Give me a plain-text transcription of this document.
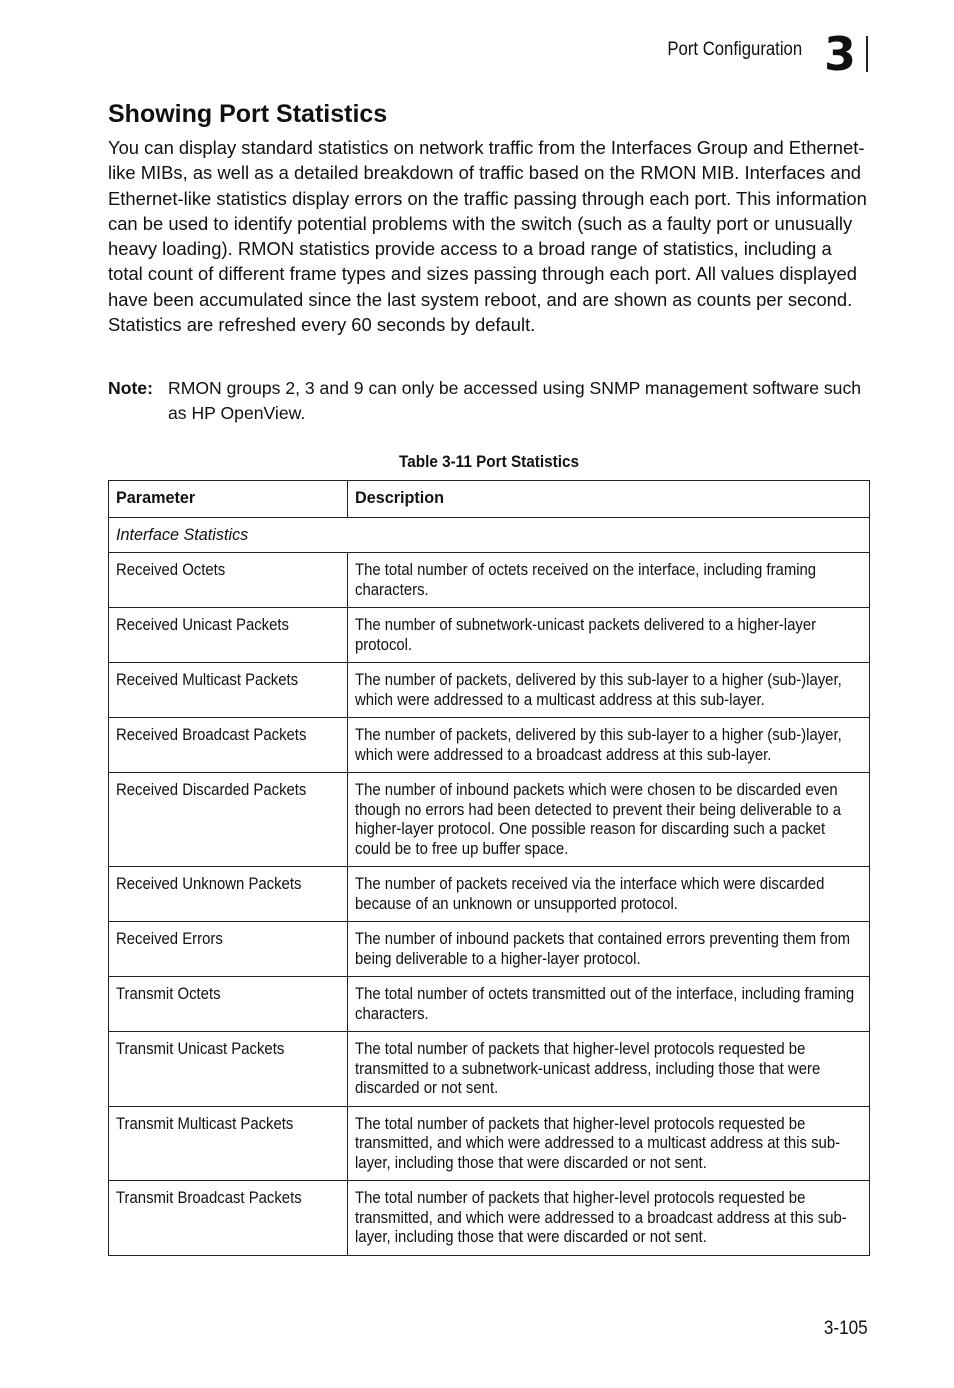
Port Configuration 3
Showing Port Statistics

You can display standard statistics on network traffic from the Interfaces Group and Ethernet-like MIBs, as well as a detailed breakdown of traffic based on the RMON MIB. Interfaces and Ethernet-like statistics display errors on the traffic passing through each port. This information can be used to identify potential problems with the switch (such as a faulty port or unusually heavy loading). RMON statistics provide access to a broad range of statistics, including a total count of different frame types and sizes passing through each port. All values displayed have been accumulated since the last system reboot, and are shown as counts per second. Statistics are refreshed every 60 seconds by default.

Note: RMON groups 2, 3 and 9 can only be accessed using SNMP management software such as HP OpenView.
Table 3-11 Port Statistics
Parameter	Description
Interface Statistics	
Received Octets	The total number of octets received on the interface, including framing characters.
Received Unicast Packets	The number of subnetwork-unicast packets delivered to a higher-layer protocol.
Received Multicast Packets	The number of packets, delivered by this sub-layer to a higher (sub-)layer, which were addressed to a multicast address at this sub-layer.
Received Broadcast Packets	The number of packets, delivered by this sub-layer to a higher (sub-)layer, which were addressed to a broadcast address at this sub-layer.
Received Discarded Packets	The number of inbound packets which were chosen to be discarded even though no errors had been detected to prevent their being deliverable to a higher-layer protocol. One possible reason for discarding such a packet could be to free up buffer space.
Received Unknown Packets	The number of packets received via the interface which were discarded because of an unknown or unsupported protocol.
Received Errors	The number of inbound packets that contained errors preventing them from being deliverable to a higher-layer protocol.
Transmit Octets	The total number of octets transmitted out of the interface, including framing characters.
Transmit Unicast Packets	The total number of packets that higher-level protocols requested be transmitted to a subnetwork-unicast address, including those that were discarded or not sent.
Transmit Multicast Packets	The total number of packets that higher-level protocols requested be transmitted, and which were addressed to a multicast address at this sub-layer, including those that were discarded or not sent.
Transmit Broadcast Packets	The total number of packets that higher-level protocols requested be transmitted, and which were addressed to a broadcast address at this sub-layer, including those that were discarded or not sent.
3-105
